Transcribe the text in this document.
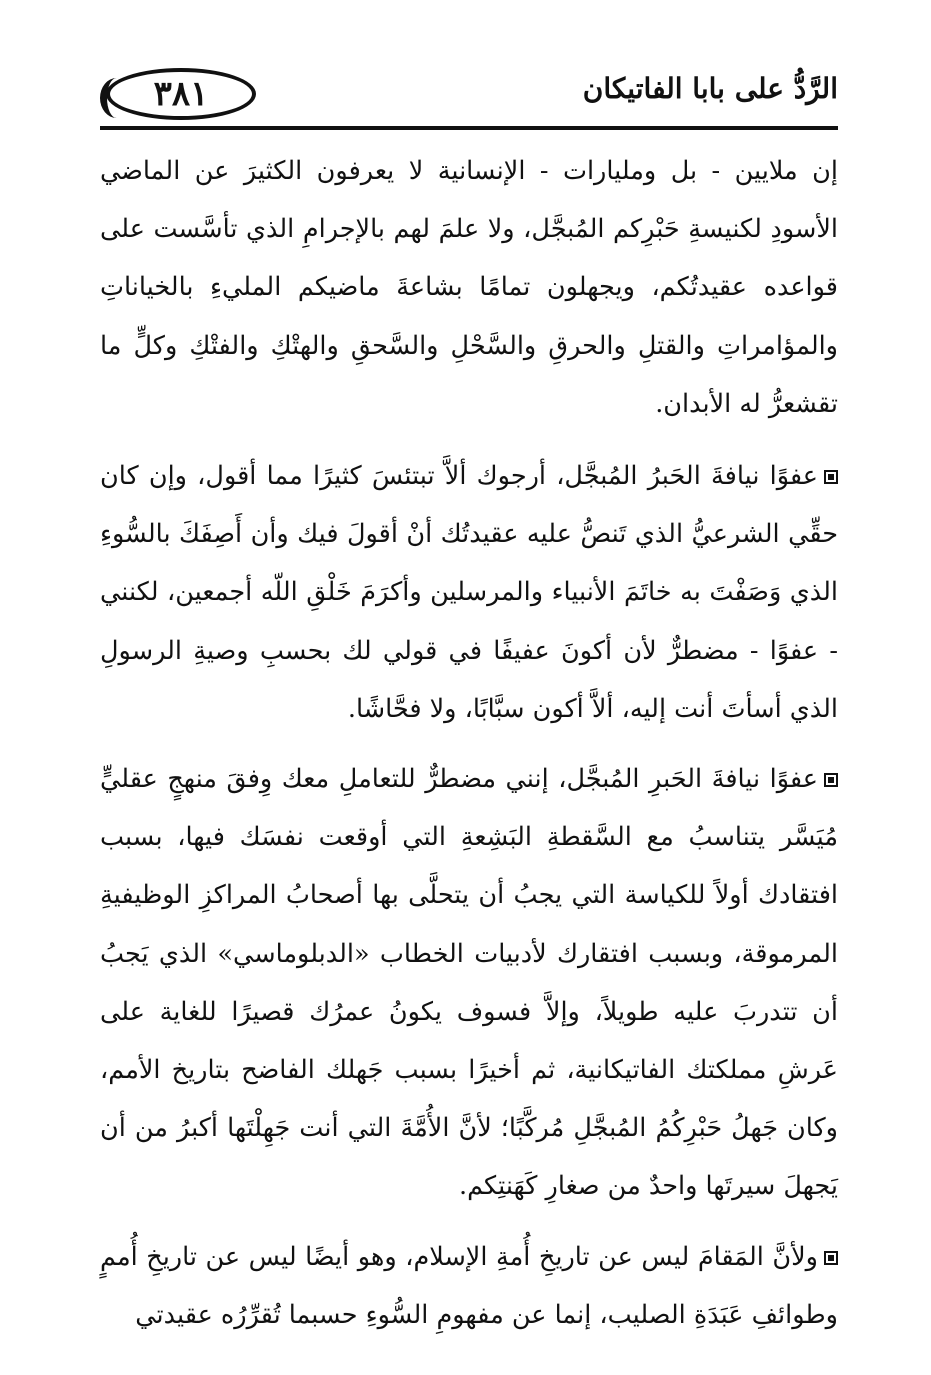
٣٨١	الرَّدُّ على بابا الفاتيكان

إن ملايين - بل ومليارات - الإنسانية لا يعرفون الكثيرَ عن الماضي الأسودِ لكنيسةِ حَبْرِكم المُبجَّل، ولا علمَ لهم بالإجرامِ الذي تأسَّست على قواعده عقيدتُكم، ويجهلون تمامًا بشاعةَ ماضيكم المليءِ بالخياناتِ والمؤامراتِ والقتلِ والحرقِ والسَّحْلِ والسَّحقِ والهتْكِ والفتْكِ وكلٍّ ما تقشعرُّ له الأبدان.

عفوًا نيافةَ الحَبرُ المُبجَّل، أرجوك ألاَّ تبتئسَ كثيرًا مما أقول، وإن كان حقِّي الشرعيُّ الذي تَنصُّ عليه عقيدتُك أنْ أقولَ فيك وأن أَصِفَكَ بالسُّوءِ الذي وَصَفْتَ به خاتَمَ الأنبياء والمرسلين وأكرَمَ خَلْقِ اللّه أجمعين، لكنني - عفوًا - مضطرٌّ لأن أكونَ عفيفًا في قولي لك بحسبِ وصيةِ الرسولِ الذي أسأتَ أنت إليه، ألاَّ أكون سبَّابًا، ولا فحَّاشًا.

عفوًا نيافةَ الحَبرِ المُبجَّل، إنني مضطرٌّ للتعاملِ معك وِفقَ منهجٍ عقليٍّ مُيَسَّر يتناسبُ مع السَّقطةِ البَشِعةِ التي أوقعت نفسَك فيها، بسبب افتقادك أولاً للكياسة التي يجبُ أن يتحلَّى بها أصحابُ المراكزِ الوظيفيةِ المرموقة، وبسبب افتقارك لأدبيات الخطاب «الدبلوماسي» الذي يَجبُ أن تتدربَ عليه طويلاً، وإلاَّ فسوف يكونُ عمرُك قصيرًا للغاية على عَرشِ مملكتك الفاتيكانية، ثم أخيرًا بسبب جَهلك الفاضح بتاريخ الأمم، وكان جَهلُ حَبْرِكُمُ المُبجَّلِ مُركَّبًا؛ لأنَّ الأُمَّةَ التي أنت جَهِلْتَها أكبرُ من أن يَجهلَ سيرتَها واحدٌ من صغارِ كَهَنتِكم.

ولأنَّ المَقامَ ليس عن تاريخِ أُمةِ الإسلام، وهو أيضًا ليس عن تاريخِ أُممٍ وطوائفِ عَبَدَةِ الصليب، إنما عن مفهومِ السُّوءِ حسبما تُقرِّرُه عقيدتي
